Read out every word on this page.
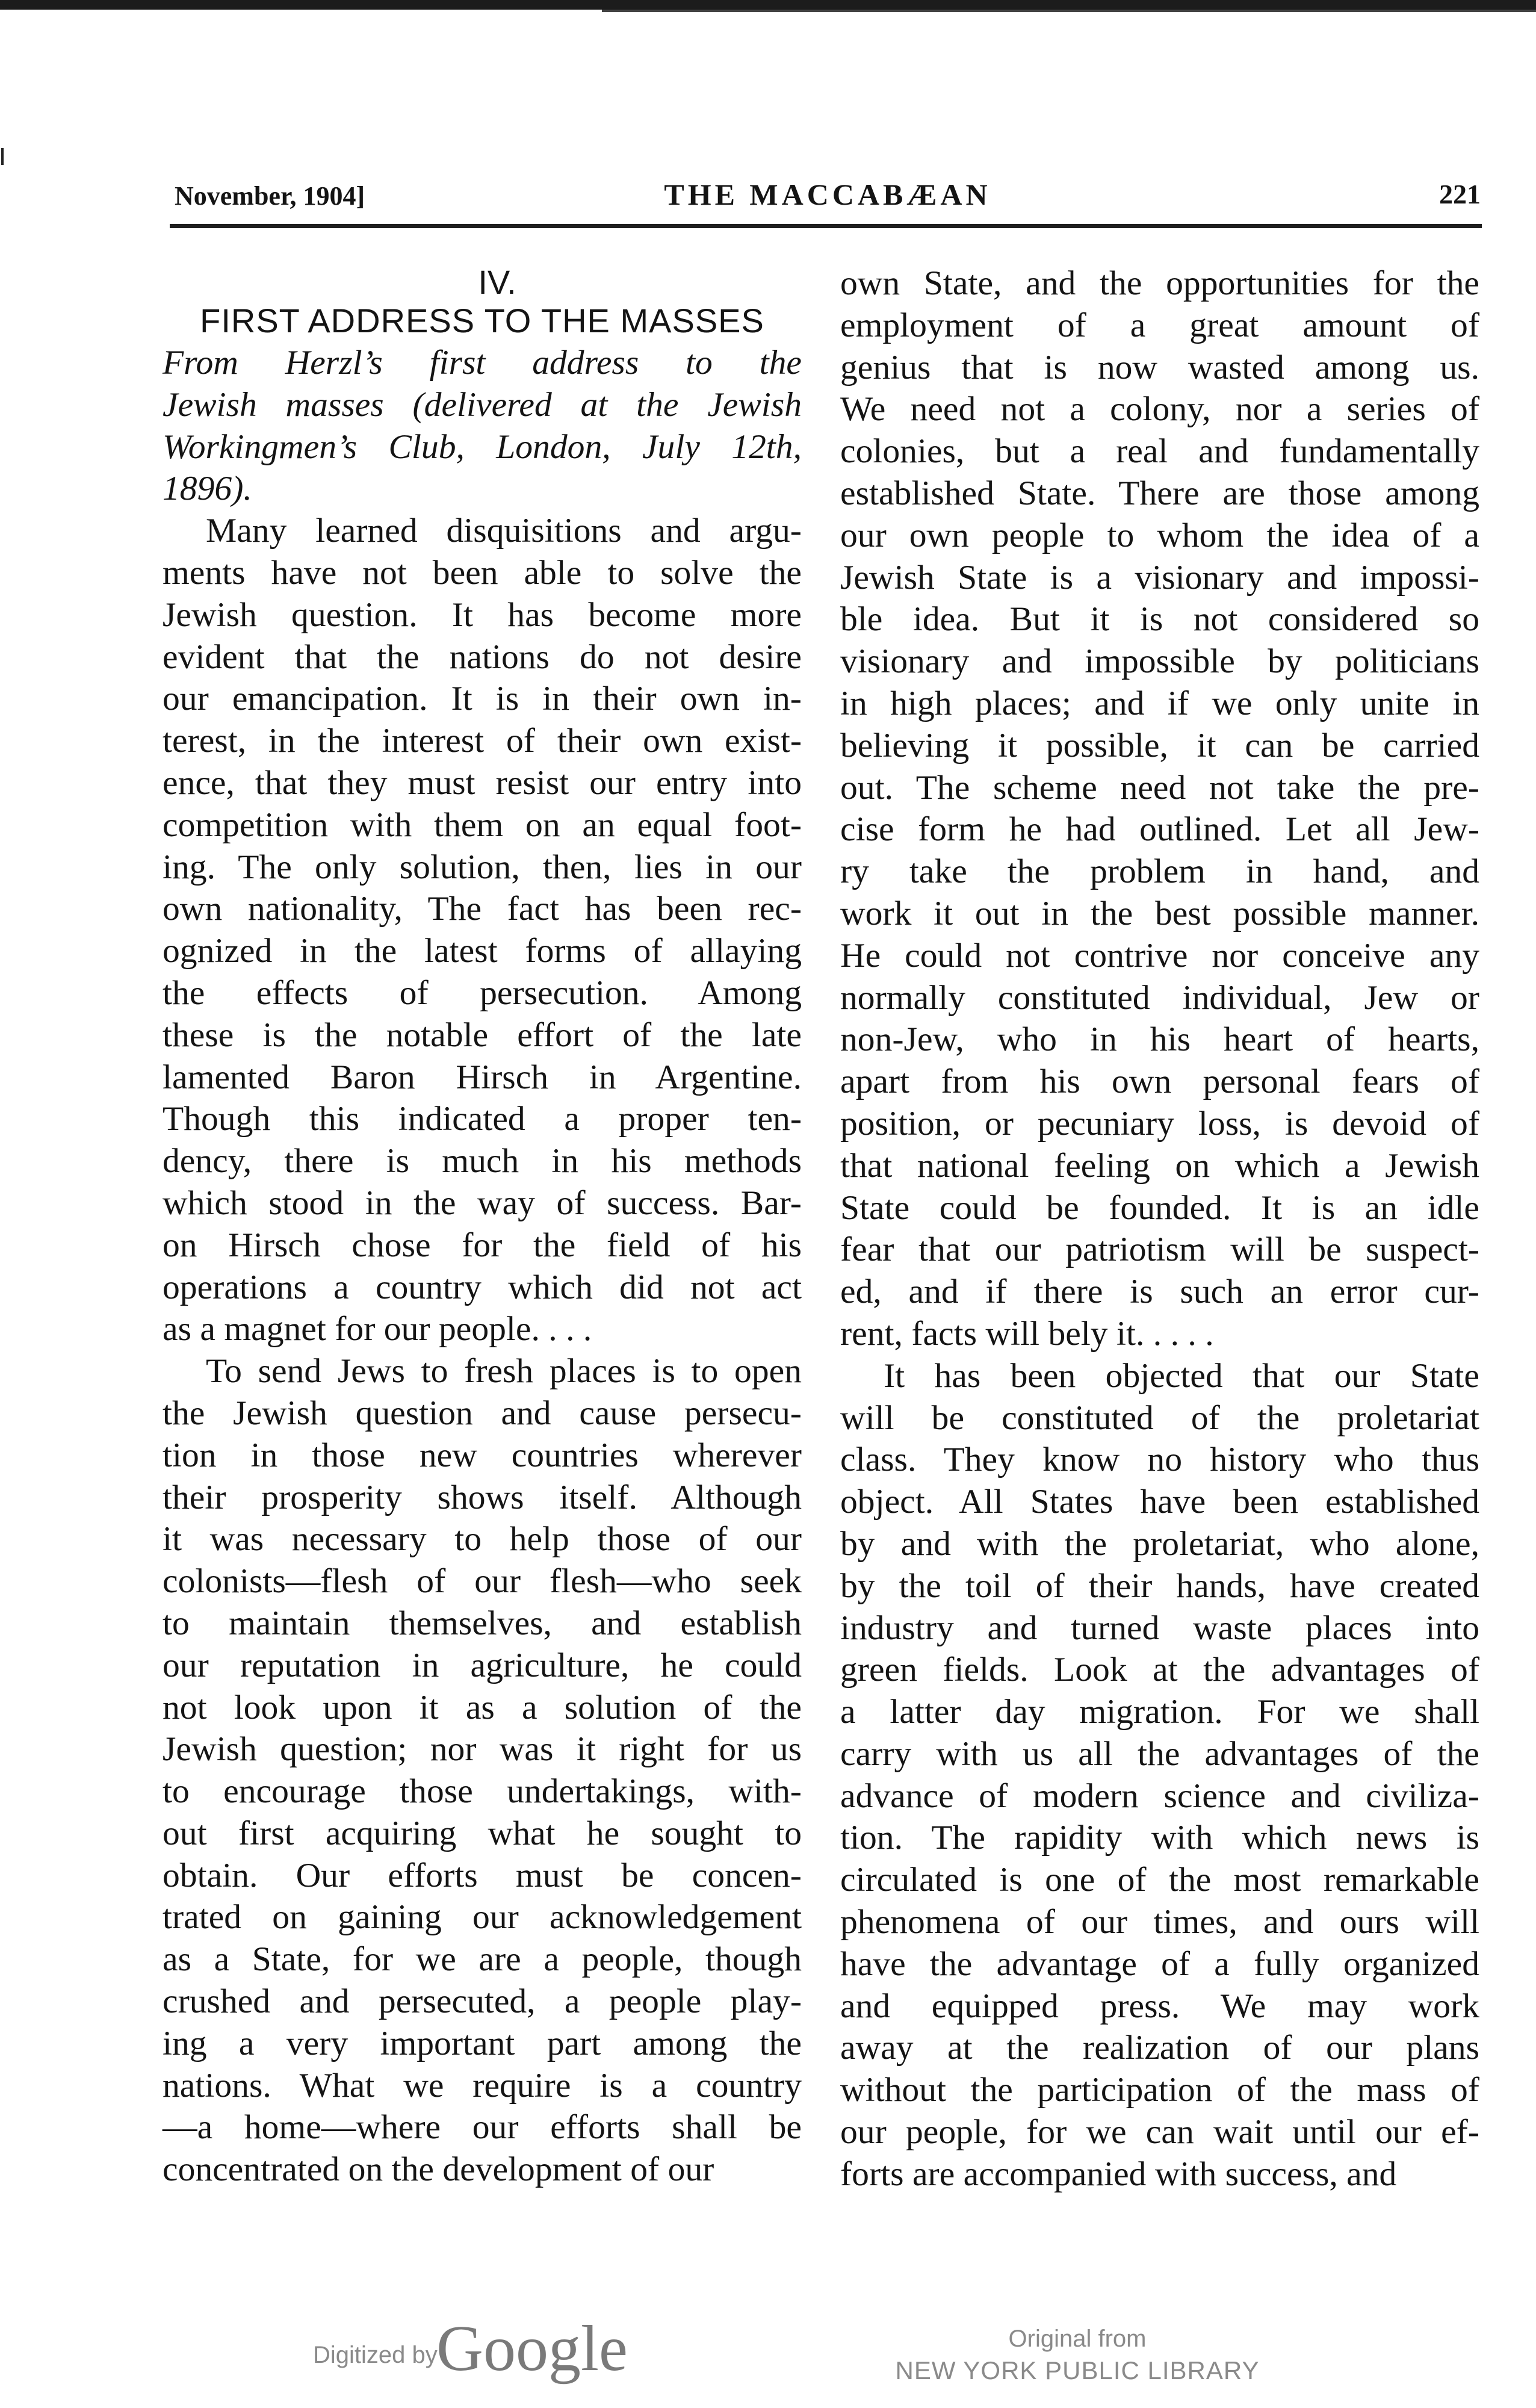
November, 1904]	THE MACCABÆAN	221
IV.
FIRST ADDRESS TO THE MASSES
From Herzl’s first address to the
Jewish masses (delivered at the Jewish
Workingmen’s Club, London, July 12th,
1896).
Many learned disquisitions and argu-
ments have not been able to solve the
Jewish question. It has become more
evident that the nations do not desire
our emancipation. It is in their own in-
terest, in the interest of their own exist-
ence, that they must resist our entry into
competition with them on an equal foot-
ing. The only solution, then, lies in our
own nationality, The fact has been rec-
ognized in the latest forms of allaying
the effects of persecution. Among
these is the notable effort of the late
lamented Baron Hirsch in Argentine.
Though this indicated a proper ten-
dency, there is much in his methods
which stood in the way of success. Bar-
on Hirsch chose for the field of his
operations a country which did not act
as a magnet for our people. . . .
To send Jews to fresh places is to open
the Jewish question and cause persecu-
tion in those new countries wherever
their prosperity shows itself. Although
it was necessary to help those of our
colonists—flesh of our flesh—who seek
to maintain themselves, and establish
our reputation in agriculture, he could
not look upon it as a solution of the
Jewish question; nor was it right for us
to encourage those undertakings, with-
out first acquiring what he sought to
obtain. Our efforts must be concen-
trated on gaining our acknowledgement
as a State, for we are a people, though
crushed and persecuted, a people play-
ing a very important part among the
nations. What we require is a country
—a home—where our efforts shall be
concentrated on the development of our
own State, and the opportunities for the
employment of a great amount of
genius that is now wasted among us.
We need not a colony, nor a series of
colonies, but a real and fundamentally
established State. There are those among
our own people to whom the idea of a
Jewish State is a visionary and impossi-
ble idea. But it is not considered so
visionary and impossible by politicians
in high places; and if we only unite in
believing it possible, it can be carried
out. The scheme need not take the pre-
cise form he had outlined. Let all Jew-
ry take the problem in hand, and
work it out in the best possible manner.
He could not contrive nor conceive any
normally constituted individual, Jew or
non-Jew, who in his heart of hearts,
apart from his own personal fears of
position, or pecuniary loss, is devoid of
that national feeling on which a Jewish
State could be founded. It is an idle
fear that our patriotism will be suspect-
ed, and if there is such an error cur-
rent, facts will bely it. . . . .
It has been objected that our State
will be constituted of the proletariat
class. They know no history who thus
object. All States have been established
by and with the proletariat, who alone,
by the toil of their hands, have created
industry and turned waste places into
green fields. Look at the advantages of
a latter day migration. For we shall
carry with us all the advantages of the
advance of modern science and civiliza-
tion. The rapidity with which news is
circulated is one of the most remarkable
phenomena of our times, and ours will
have the advantage of a fully organized
and equipped press. We may work
away at the realization of our plans
without the participation of the mass of
our people, for we can wait until our ef-
forts are accompanied with success, and
Digitized by
Google	Original from
NEW YORK PUBLIC LIBRARY
